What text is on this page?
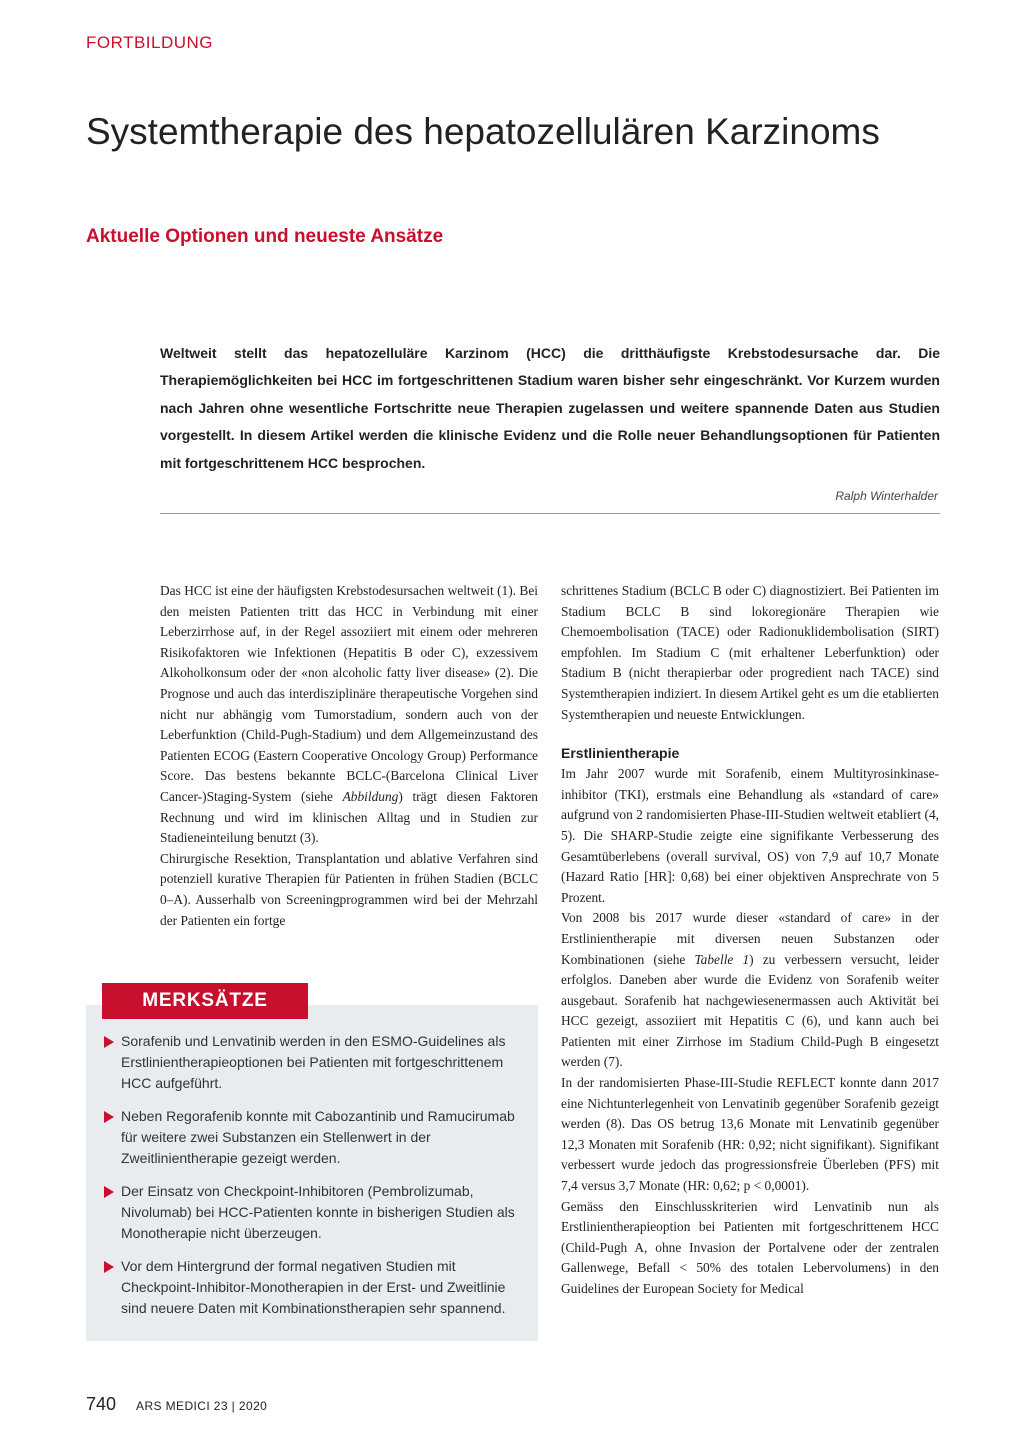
FORTBILDUNG
Systemtherapie des hepatozellulären Karzinoms
Aktuelle Optionen und neueste Ansätze

Weltweit stellt das hepatozelluläre Karzinom (HCC) die dritthäufigste Krebstodesursache dar. Die Therapiemöglichkeiten bei HCC im fortgeschrittenen Stadium waren bisher sehr eingeschränkt. Vor Kurzem wurden nach Jahren ohne wesentliche Fortschritte neue Therapien zugelassen und weitere spannende Daten aus Studien vorgestellt. In diesem Artikel werden die klinische Evidenz und die Rolle neuer Behandlungsoptionen für Patienten mit fortgeschrittenem HCC besprochen.

Ralph Winterhalder

Das HCC ist eine der häufigsten Krebstodesursachen weltweit (1). Bei den meisten Patienten tritt das HCC in Verbindung mit einer Leberzirrhose auf, in der Regel assoziiert mit einem oder mehreren Risikofaktoren wie Infektionen (Hepatitis B oder C), exzessivem Alkoholkonsum oder der «non alcoholic fatty liver disease» (2). Die Prognose und auch das interdisziplinäre therapeutische Vorgehen sind nicht nur abhängig vom Tumorstadium, sondern auch von der Leberfunktion (Child-Pugh-Stadium) und dem Allgemeinzustand des Patienten ECOG (Eastern Cooperative Oncology Group) Performance Score. Das bestens bekannte BCLC-(Barcelona Clinical Liver Cancer-)Staging-System (siehe Abbildung) trägt diesen Faktoren Rechnung und wird im klinischen Alltag und in Studien zur Stadieneinteilung benutzt (3).

Chirurgische Resektion, Transplantation und ablative Verfahren sind potenziell kurative Therapien für Patienten in frühen Stadien (BCLC 0–A). Ausserhalb von Screeningprogrammen wird bei der Mehrzahl der Patienten ein fortge

schrittenes Stadium (BCLC B oder C) diagnostiziert. Bei Patienten im Stadium BCLC B sind lokoregionäre Therapien wie Chemoembolisation (TACE) oder Radionuklidembolisation (SIRT) empfohlen. Im Stadium C (mit erhaltener Leberfunktion) oder Stadium B (nicht therapierbar oder progredient nach TACE) sind Systemtherapien indiziert. In diesem Artikel geht es um die etablierten Systemtherapien und neueste Entwicklungen.

Erstlinientherapie

Im Jahr 2007 wurde mit Sorafenib, einem Multityrosinkinase-inhibitor (TKI), erstmals eine Behandlung als «standard of care» aufgrund von 2 randomisierten Phase-III-Studien weltweit etabliert (4, 5). Die SHARP-Studie zeigte eine signifikante Verbesserung des Gesamtüberlebens (overall survival, OS) von 7,9 auf 10,7 Monate (Hazard Ratio [HR]: 0,68) bei einer objektiven Ansprechrate von 5 Prozent.

Von 2008 bis 2017 wurde dieser «standard of care» in der Erstlinientherapie mit diversen neuen Substanzen oder Kombinationen (siehe Tabelle 1) zu verbessern versucht, leider erfolglos. Daneben aber wurde die Evidenz von Sorafenib weiter ausgebaut. Sorafenib hat nachgewiesenermassen auch Aktivität bei HCC gezeigt, assoziiert mit Hepatitis C (6), und kann auch bei Patienten mit einer Zirrhose im Stadium Child-Pugh B eingesetzt werden (7).

In der randomisierten Phase-III-Studie REFLECT konnte dann 2017 eine Nichtunterlegenheit von Lenvatinib gegenüber Sorafenib gezeigt werden (8). Das OS betrug 13,6 Monate mit Lenvatinib gegenüber 12,3 Monaten mit Sorafenib (HR: 0,92; nicht signifikant). Signifikant verbessert wurde jedoch das progressionsfreie Überleben (PFS) mit 7,4 versus 3,7 Monate (HR: 0,62; p < 0,0001).

Gemäss den Einschlusskriterien wird Lenvatinib nun als Erstlinientherapieoption bei Patienten mit fortgeschrittenem HCC (Child-Pugh A, ohne Invasion der Portalvene oder der zentralen Gallenwege, Befall < 50% des totalen Lebervolumens) in den Guidelines der European Society for Medical

Sorafenib und Lenvatinib werden in den ESMO-Guidelines als Erstlinientherapieoptionen bei Patienten mit fortgeschrittenem HCC aufgeführt.
Neben Regorafenib konnte mit Cabozantinib und Ramucirumab für weitere zwei Substanzen ein Stellenwert in der Zweitlinientherapie gezeigt werden.
Der Einsatz von Checkpoint-Inhibitoren (Pembrolizumab, Nivolumab) bei HCC-Patienten konnte in bisherigen Studien als Monotherapie nicht überzeugen.
Vor dem Hintergrund der formal negativen Studien mit Checkpoint-Inhibitor-Monotherapien in der Erst- und Zweitlinie sind neuere Daten mit Kombinationstherapien sehr spannend.
MERKSÄTZE
740 ARS MEDICI 23 | 2020
